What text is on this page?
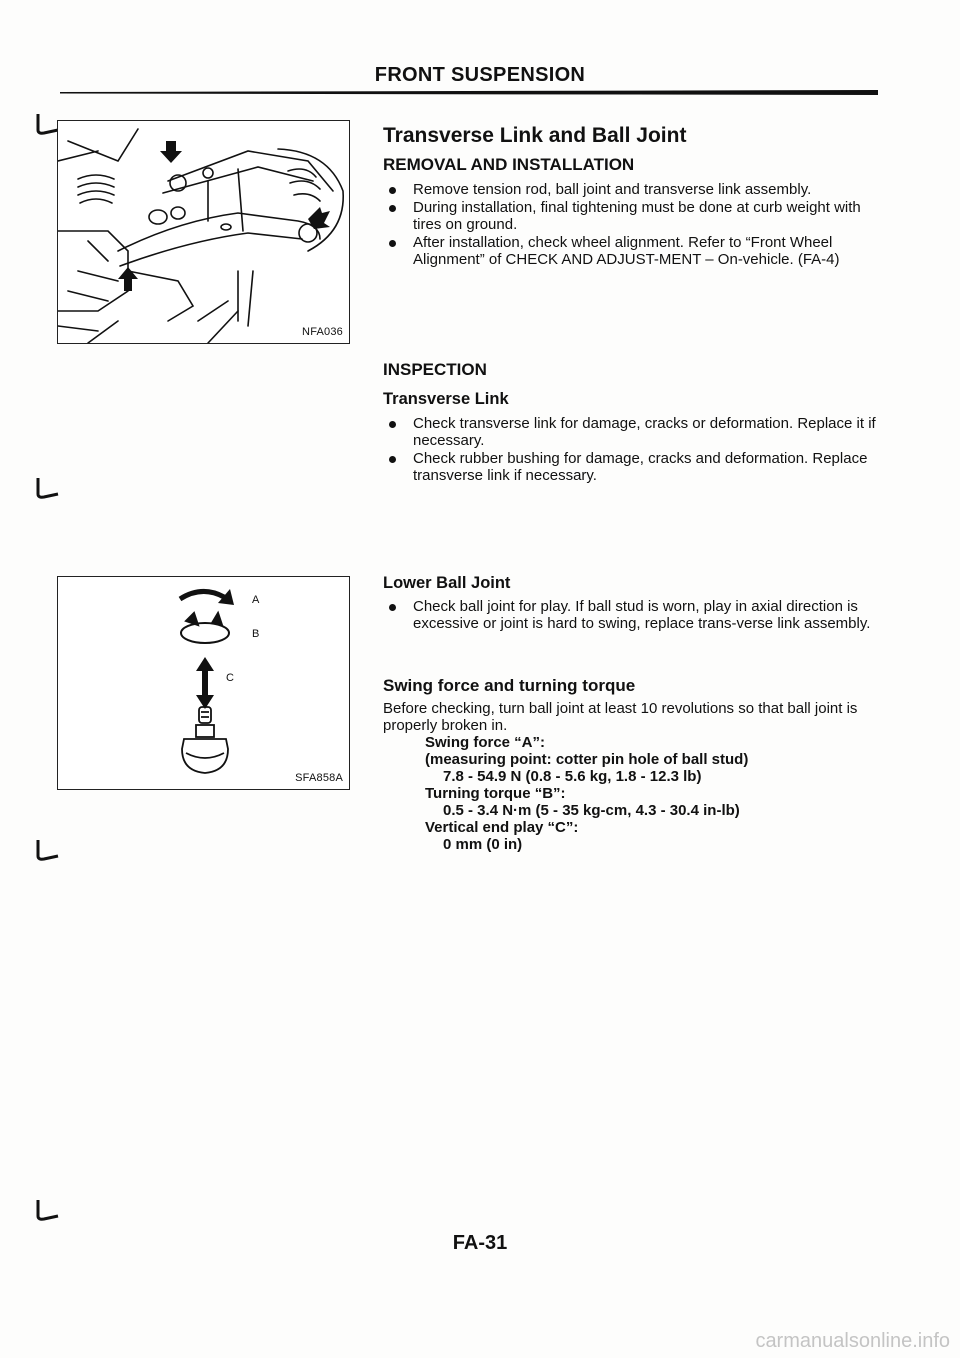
FRONT SUSPENSION
NFA036
A
B
C
SFA858A
Transverse Link and Ball Joint
REMOVAL AND INSTALLATION
Remove tension rod, ball joint and transverse link assembly.
During installation, final tightening must be done at curb weight with tires on ground.
After installation, check wheel alignment. Refer to “Front Wheel Alignment” of CHECK AND ADJUST-MENT – On-vehicle. (FA-4)
INSPECTION
Transverse Link
Check transverse link for damage, cracks or deformation. Replace it if necessary.
Check rubber bushing for damage, cracks and deformation. Replace transverse link if necessary.
Lower Ball Joint
Check ball joint for play. If ball stud is worn, play in axial direction is excessive or joint is hard to swing, replace trans-verse link assembly.
Swing force and turning torque

Before checking, turn ball joint at least 10 revolutions so that ball joint is properly broken in.

Swing force “A”:
(measuring point: cotter pin hole of ball stud)
7.8 - 54.9 N (0.8 - 5.6 kg, 1.8 - 12.3 lb)
Turning torque “B”:
0.5 - 3.4 N·m (5 - 35 kg-cm, 4.3 - 30.4 in-lb)
Vertical end play “C”:
0 mm (0 in)
FA-31
carmanualsonline.info
